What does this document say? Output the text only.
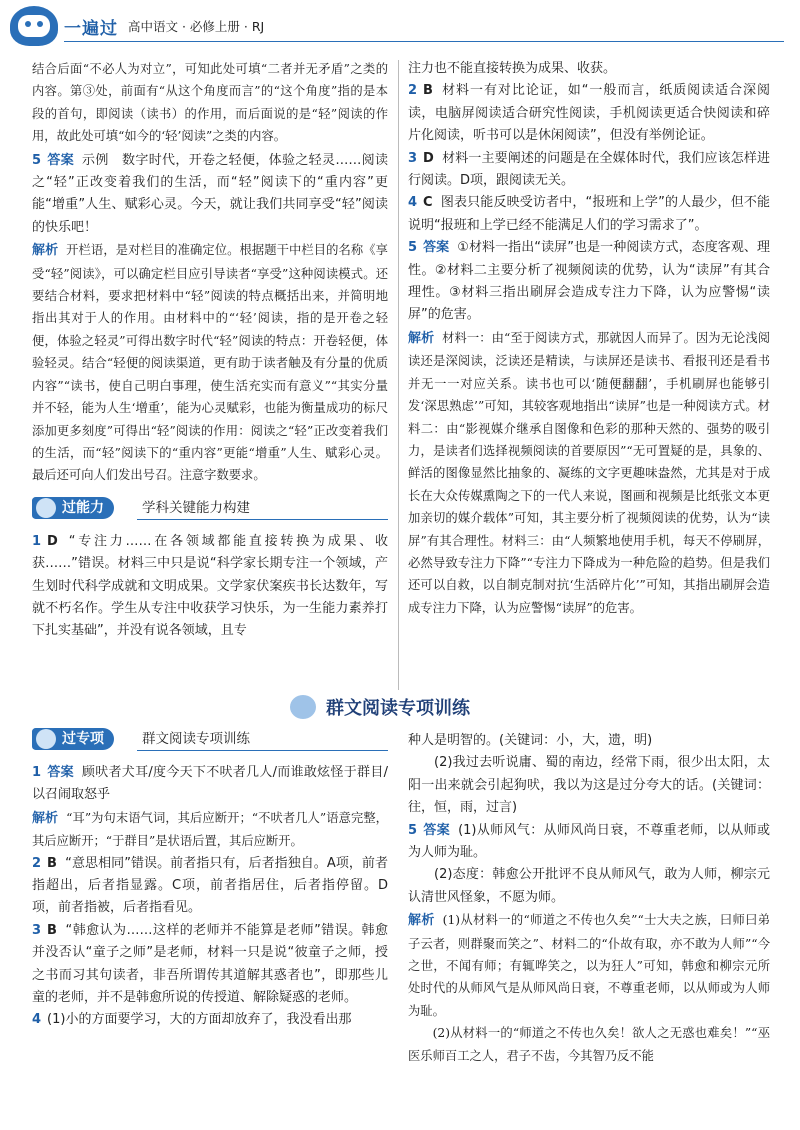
一遍过 高中语文 · 必修上册 · RJ

结合后面“不必人为对立”，可知此处可填“二者并无矛盾”之类的内容。第③处，前面有“从这个角度而言”的“这个角度”指的是本段的首句，即阅读（读书）的作用，而后面说的是“轻”阅读的作用，故此处可填“如今的‘轻’阅读”之类的内容。

5 答案 示例　数字时代，开卷之轻便，体验之轻灵……阅读之“轻”正改变着我们的生活，而“轻”阅读下的“重内容”更能“增重”人生、赋彩心灵。今天，就让我们共同享受“轻”阅读的快乐吧！

解析 开栏语，是对栏目的准确定位。根据题干中栏目的名称《享受“轻”阅读》，可以确定栏目应引导读者“享受”这种阅读模式。还要结合材料，要求把材料中“轻”阅读的特点概括出来，并简明地指出其对于人的作用。由材料中的“‘轻’阅读，指的是开卷之轻便，体验之轻灵”可得出数字时代“轻”阅读的特点：开卷轻便，体验轻灵。结合“轻便的阅读渠道，更有助于读者触及有分量的优质内容”“读书，使自己明白事理，使生活充实而有意义”“其实分量并不轻，能为人生‘增重’，能为心灵赋彩，也能为衡量成功的标尺添加更多刻度”可得出“轻”阅读的作用：阅读之“轻”正改变着我们的生活，而“轻”阅读下的“重内容”更能“增重”人生、赋彩心灵。最后还可向人们发出号召。注意字数要求。

过能力	学科关键能力构建

1 D “专注力……在各领域都能直接转换为成果、收获……”错误。材料三中只是说“科学家长期专注一个领域，产生划时代科学成就和文明成果。文学家伏案疾书长达数年，写就不朽名作。学生从专注中收获学习快乐，为一生能力素养打下扎实基础”，并没有说各领域，且专

注力也不能直接转换为成果、收获。

2 B 材料一有对比论证，如“一般而言，纸质阅读适合深阅读，电脑屏阅读适合研究性阅读，手机阅读更适合快阅读和碎片化阅读，听书可以是休闲阅读”，但没有举例论证。

3 D 材料一主要阐述的问题是在全媒体时代，我们应该怎样进行阅读。D项，跟阅读无关。

4 C 图表只能反映受访者中，“报班和上学”的人最少，但不能说明“报班和上学已经不能满足人们的学习需求了”。

5 答案 ①材料一指出“读屏”也是一种阅读方式，态度客观、理性。②材料二主要分析了视频阅读的优势，认为“读屏”有其合理性。③材料三指出刷屏会造成专注力下降，认为应警惕“读屏”的危害。

解析 材料一：由“至于阅读方式，那就因人而异了。因为无论浅阅读还是深阅读，泛读还是精读，与读屏还是读书、看报刊还是看书并无一一对应关系。读书也可以‘随便翻翻’，手机刷屏也能够引发‘深思熟虑’”可知，其较客观地指出“读屏”也是一种阅读方式。材料二：由“影视媒介继承自图像和色彩的那种天然的、强势的吸引力，是读者们选择视频阅读的首要原因”“无可置疑的是，具象的、鲜活的图像显然比抽象的、凝练的文字更趣味盎然，尤其是对于成长在大众传媒熏陶之下的一代人来说，图画和视频是比纸张文本更加亲切的媒介载体”可知，其主要分析了视频阅读的优势，认为“读屏”有其合理性。材料三：由“人频繁地使用手机，每天不停刷屏，必然导致专注力下降”“专注力下降成为一种危险的趋势。但是我们还可以自救，以自制克制对抗‘生活碎片化’”可知，其指出刷屏会造成专注力下降，认为应警惕“读屏”的危害。

群文阅读专项训练
过专项	群文阅读专项训练

1 答案 顾吠者犬耳/度今天下不吠者几人/而谁敢炫怪于群目/以召闹取怒乎

解析 “耳”为句末语气词，其后应断开；“不吠者几人”语意完整，其后应断开；“于群目”是状语后置，其后应断开。

2 B “意思相同”错误。前者指只有，后者指独自。A项，前者指超出，后者指显露。C项，前者指居住，后者指停留。D项，前者指被，后者指看见。

3 B “韩愈认为……这样的老师并不能算是老师”错误。韩愈并没否认“童子之师”是老师，材料一只是说“彼童子之师，授之书而习其句读者，非吾所谓传其道解其惑者也”，即那些儿童的老师，并不是韩愈所说的传授道、解除疑惑的老师。

4 (1)小的方面要学习，大的方面却放弃了，我没看出那

种人是明智的。(关键词：小，大，遗，明)

(2)我过去听说庸、蜀的南边，经常下雨，很少出太阳，太阳一出来就会引起狗吠，我以为这是过分夸大的话。(关键词：往，恒，雨，过言)

5 答案 (1)从师风气：从师风尚日衰，不尊重老师，以从师或为人师为耻。

(2)态度：韩愈公开批评不良从师风气，敢为人师，柳宗元认清世风怪象，不愿为师。

解析 (1)从材料一的“师道之不传也久矣”“士大夫之族，曰师曰弟子云者，则群聚而笑之”、材料二的“仆故有取，亦不敢为人师”“今之世，不闻有师；有辄哗笑之，以为狂人”可知，韩愈和柳宗元所处时代的从师风气是从师风尚日衰，不尊重老师，以从师或为人师为耻。

(2)从材料一的“师道之不传也久矣！欲人之无惑也难矣！”“巫医乐师百工之人，君子不齿，今其智乃反不能
